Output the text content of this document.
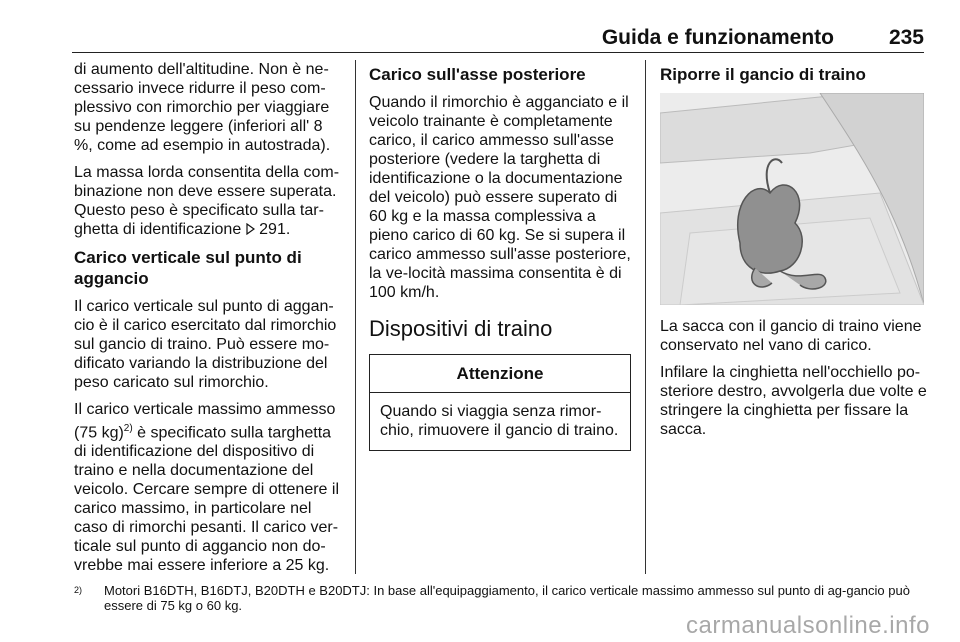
Guida e funzionamento	235

di aumento dell'altitudine. Non è ne-cessario invece ridurre il peso com-plessivo con rimorchio per viaggiare su pendenze leggere (inferiori all' 8 %, come ad esempio in autostrada).

La massa lorda consentita della com-binazione non deve essere superata. Questo peso è specificato sulla tar-ghetta di identificazione 291.

Carico verticale sul punto di aggancio

Il carico verticale sul punto di aggan-cio è il carico esercitato dal rimorchio sul gancio di traino. Può essere mo-dificato variando la distribuzione del peso caricato sul rimorchio.

Il carico verticale massimo ammesso (75 kg)$^{2)}$ è specificato sulla targhetta di identificazione del dispositivo di traino e nella documentazione del veicolo. Cercare sempre di ottenere il carico massimo, in particolare nel caso di rimorchi pesanti. Il carico ver-ticale sul punto di aggancio non do-vrebbe mai essere inferiore a 25 kg.

Carico sull'asse posteriore

Quando il rimorchio è agganciato e il veicolo trainante è completamente carico, il carico ammesso sull'asse posteriore (vedere la targhetta di identificazione o la documentazione del veicolo) può essere superato di 60 kg e la massa complessiva a pieno carico di 60 kg. Se si supera il carico ammesso sull'asse posteriore, la ve-locità massima consentita è di 100 km/h.

Dispositivi di traino
Attenzione
Quando si viaggia senza rimor-chio, rimuovere il gancio di traino.
Riporre il gancio di traino

La sacca con il gancio di traino viene conservato nel vano di carico.

Infilare la cinghietta nell'occhiello po-steriore destro, avvolgerla due volte e stringere la cinghietta per fissare la sacca.

2) Motori B16DTH, B16DTJ, B20DTH e B20DTJ: In base all'equipaggiamento, il carico verticale massimo ammesso sul punto di ag-gancio può essere di 75 kg o 60 kg.
carmanualsonline.info
